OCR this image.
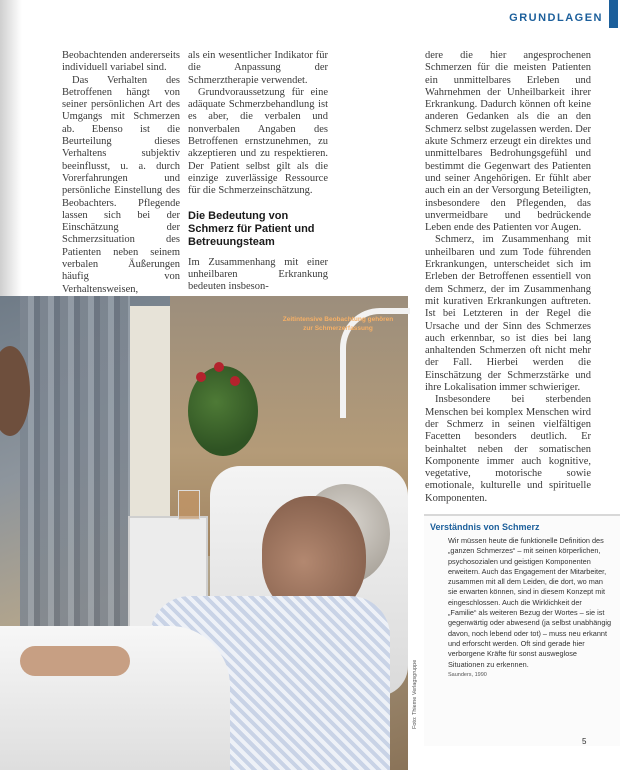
GRUNDLAGEN

Beobachtenden andererseits individuell variabel sind.

Das Verhalten des Betroffenen hängt von seiner persönlichen Art des Umgangs mit Schmerzen ab. Ebenso ist die Beurteilung dieses Verhaltens subjektiv beeinflusst, u. a. durch Vorerfahrungen und persönliche Einstellung des Beobachters. Pflegende lassen sich bei der Einschätzung der Schmerzsituation des Patienten neben seinem verbalen Äußerungen häufig von Verhaltensweisen,

als ein wesentlicher Indikator für die Anpassung der Schmerztherapie verwendet.

Grundvoraussetzung für eine adäquate Schmerzbehandlung ist es aber, die verbalen und nonverbalen Angaben des Betroffenen ernstzunehmen, zu akzeptieren und zu respektieren. Der Patient selbst gilt als die einzige zuverlässige Ressource für die Schmerzeinschätzung.

Die Bedeutung von Schmerz für Patient und Betreuungsteam

Im Zusammenhang mit einer unheilbaren Erkrankung bedeuten insbeson-

dere die hier angesprochenen Schmerzen für die meisten Patienten ein unmittelbares Erleben und Wahrnehmen der Unheilbarkeit ihrer Erkrankung. Dadurch können oft keine anderen Gedanken als die an den Schmerz selbst zugelassen werden. Der akute Schmerz erzeugt ein direktes und unmittelbares Bedrohungsgefühl und bestimmt die Gegenwart des Patienten und seiner Angehörigen. Er fühlt aber auch ein an der Versorgung Beteiligten, insbesondere den Pflegenden, das unvermeidbare und bedrückende Leben ende des Patienten vor Augen.

Schmerz, im Zusammenhang mit unheilbaren und zum Tode führenden Erkrankungen, unterscheidet sich im Erleben der Betroffenen essentiell von dem Schmerz, der im Zusammenhang mit kurativen Erkrankungen auftreten. Ist bei Letzteren in der Regel die Ursache und der Sinn des Schmerzes auch erkennbar, so ist dies bei lang anhaltenden Schmerzen oft nicht mehr der Fall. Hierbei werden die Einschätzung der Schmerzstärke und ihre Lokalisation immer schwieriger.

Insbesondere bei sterbenden Menschen bei komplex Menschen wird der Schmerz in seinen vielfältigen Facetten besonders deutlich. Er beinhaltet neben der somatischen Komponente immer auch kognitive, vegetative, motorische sowie emotionale, kulturelle und spirituelle Komponenten.

Zeitintensive Beobachtung gehören zur Schmerzerfassung
Foto: Thieme Verlagsgruppe
Verständnis von Schmerz
Wir müssen heute die funktionelle Definition des „ganzen Schmerzes“ – mit seinen körperlichen, psychosozialen und geistigen Komponenten erweitern. Auch das Engagement der Mitarbeiter, zusammen mit all dem Leiden, die dort, wo man sie erwarten können, sind in diesem Konzept mit eingeschlossen. Auch die Wirklichkeit der „Familie“ als weiteren Bezug der Wortes – sie ist gegenwärtig oder abwesend (ja selbst unabhängig davon, noch lebend oder tot) – muss neu erkannt und erforscht werden. Oft sind gerade hier verborgene Kräfte für sonst ausweglose Situationen zu erkennen.
Saunders, 1990
5
